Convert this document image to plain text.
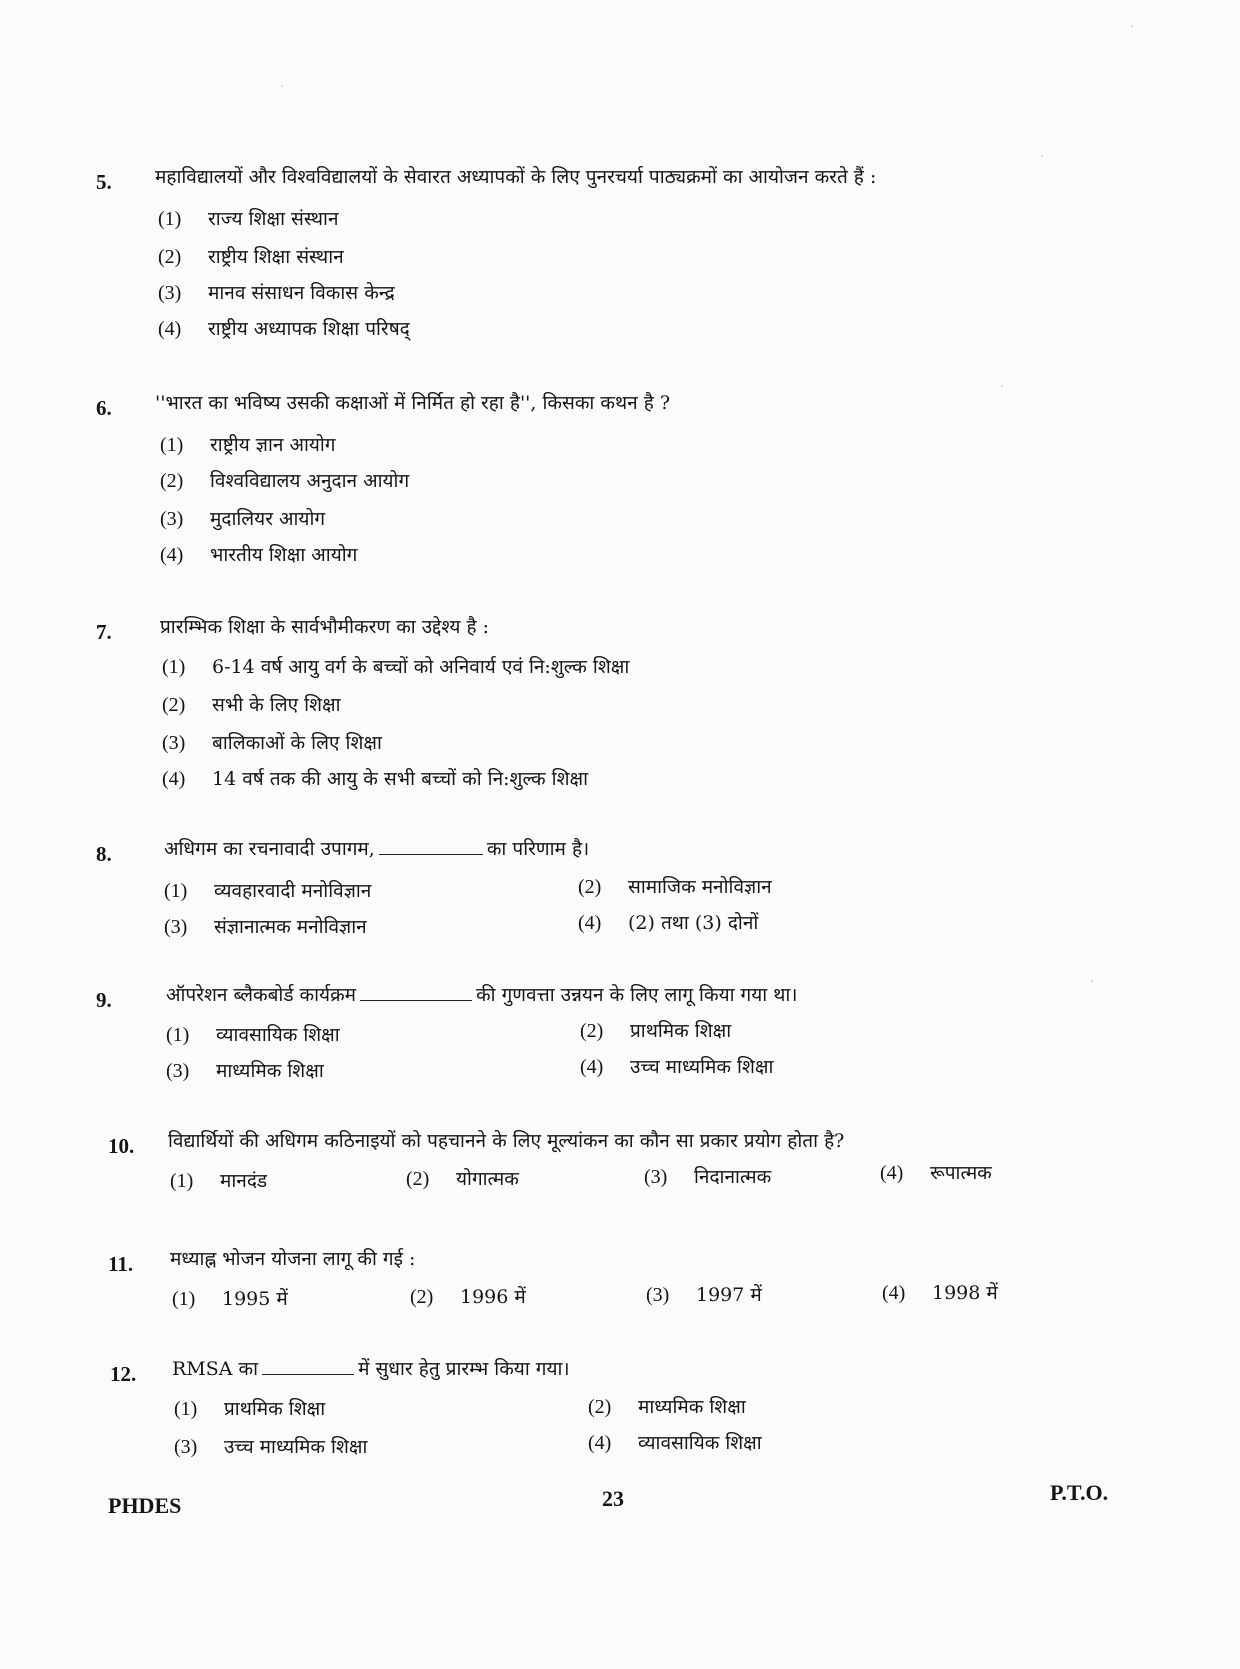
5. महाविद्यालयों और विश्वविद्यालयों के सेवारत अध्यापकों के लिए पुनरचर्या पाठ्यक्रमों का आयोजन करते हैं :
(1) राज्य शिक्षा संस्थान
(2) राष्ट्रीय शिक्षा संस्थान
(3) मानव संसाधन विकास केन्द्र
(4) राष्ट्रीय अध्यापक शिक्षा परिषद्
6. ''भारत का भविष्य उसकी कक्षाओं में निर्मित हो रहा है'', किसका कथन है ?
(1) राष्ट्रीय ज्ञान आयोग
(2) विश्वविद्यालय अनुदान आयोग
(3) मुदालियर आयोग
(4) भारतीय शिक्षा आयोग
7.	प्रारम्भिक शिक्षा के सार्वभौमीकरण का उद्देश्य है :
(1) 6-14 वर्ष आयु वर्ग के बच्चों को अनिवार्य एवं नि:शुल्क शिक्षा
(2) सभी के लिए शिक्षा
(3) बालिकाओं के लिए शिक्षा
(4) 14 वर्ष तक की आयु के सभी बच्चों को नि:शुल्क शिक्षा
8.	अधिगम का रचनावादी उपागम,	का परिणाम है।
(1) व्यवहारवादी मनोविज्ञान	(2) सामाजिक मनोविज्ञान
(3) संज्ञानात्मक मनोविज्ञान	(4) (2) तथा (3) दोनों
9.	ऑपरेशन ब्लैकबोर्ड कार्यक्रम	की गुणवत्ता उन्नयन के लिए लागू किया गया था।
(1) व्यावसायिक शिक्षा	(2) प्राथमिक शिक्षा
(3) माध्यमिक शिक्षा	(4) उच्च माध्यमिक शिक्षा
10. विद्यार्थियों की अधिगम कठिनाइयों को पहचानने के लिए मूल्यांकन का कौन सा प्रकार प्रयोग होता है?
(1) मानदंड	(2) योगात्मक	(3) निदानात्मक	(4) रूपात्मक
11. मध्याह्न भोजन योजना लागू की गई :
(1) 1995 में	(2) 1996 में	(3) 1997 में	(4) 1998 में
12. RMSA का	में सुधार हेतु प्रारम्भ किया गया।
(1) प्राथमिक शिक्षा	(2) माध्यमिक शिक्षा
(3) उच्च माध्यमिक शिक्षा	(4) व्यावसायिक शिक्षा
PHDES	23	P.T.O.
·
·
·
·
·
